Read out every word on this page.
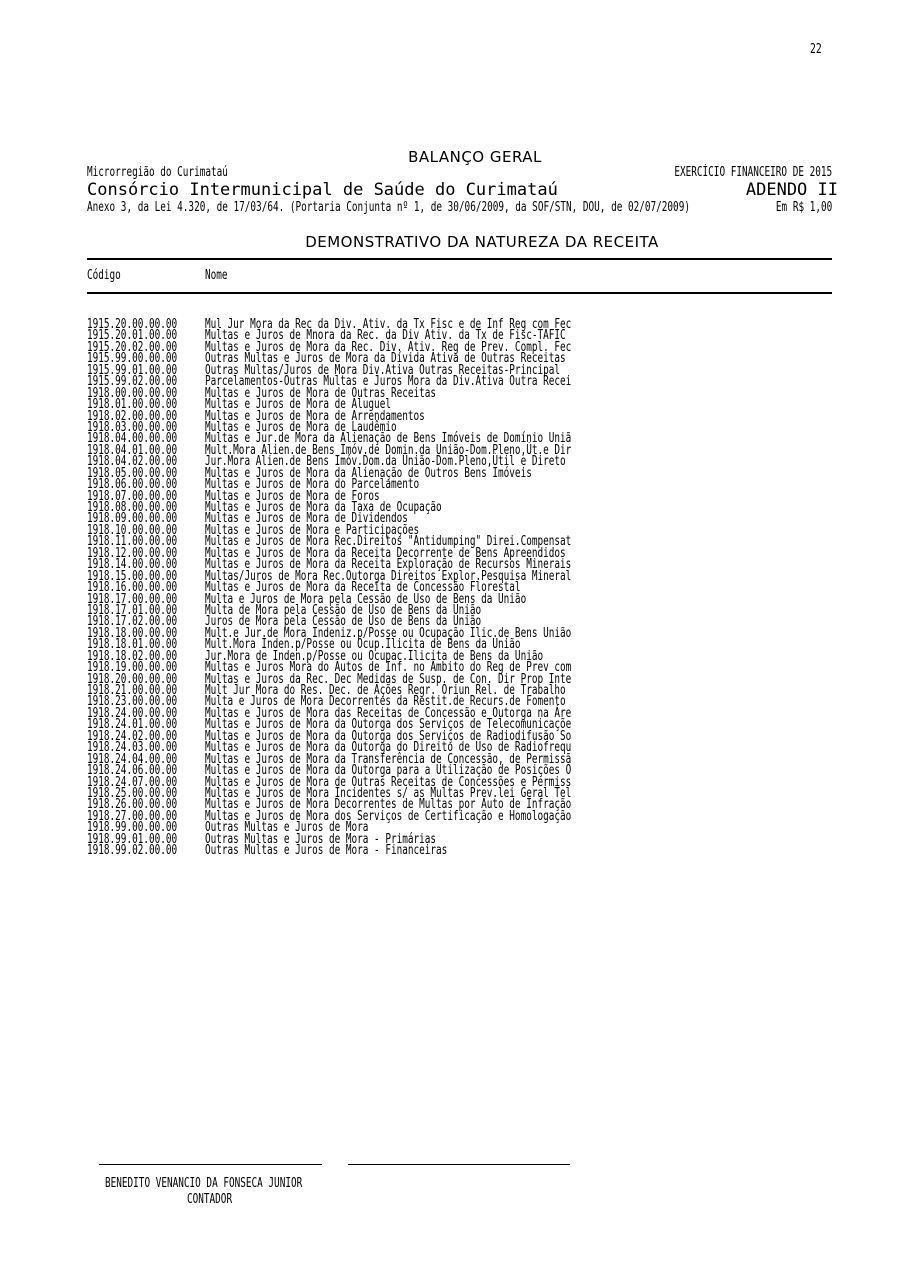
22
BALANÇO GERAL
Microrregião do Curimataú	EXERCÍCIO FINANCEIRO DE 2015
Consórcio Intermunicipal de Saúde do Curimataú	ADENDO II
Anexo 3, da Lei 4.320, de 17/03/64. (Portaria Conjunta nº 1, de 30/06/2009, da SOF/STN, DOU, de 02/07/2009)	Em R$ 1,00
DEMONSTRATIVO DA NATUREZA DA RECEITA
Código	Nome
1915.20.00.00.00 Mul Jur Mora da Rec da Div. Ativ. da Tx Fisc e de Inf Reg com Fec
1915.20.01.00.00 Multas e Juros de Mnora da Rec. da Div Ativ. da Tx de Fisc-TAFIC
1915.20.02.00.00 Multas e Juros de Mora da Rec. Div. Ativ. Reg de Prev. Compl. Fec
1915.99.00.00.00 Outras Multas e Juros de Mora da Dívida Ativa de Outras Receitas
1915.99.01.00.00 Outras Multas/Juros de Mora Div.Ativa Outras Receitas-Principal
1915.99.02.00.00 Parcelamentos-Outras Multas e Juros Mora da Div.Ativa Outra Recei
1918.00.00.00.00 Multas e Juros de Mora de Outras Receitas
1918.01.00.00.00 Multas e Juros de Mora de Aluguel
1918.02.00.00.00 Multas e Juros de Mora de Arrendamentos
1918.03.00.00.00 Multas e Juros de Mora de Laudêmio
1918.04.00.00.00 Multas e Jur.de Mora da Alienação de Bens Imóveis de Domínio Uniã
1918.04.01.00.00 Mult.Mora Alien.de Bens Imóv.de Domin.da União-Dom.Pleno,Út.e Dir
1918.04.02.00.00 Jur.Mora Alien.de Bens Imóv.Dom.da União-Dom.Pleno,Útil e Direto
1918.05.00.00.00 Multas e Juros de Mora da Alienação de Outros Bens Imóveis
1918.06.00.00.00 Multas e Juros de Mora do Parcelamento
1918.07.00.00.00 Multas e Juros de Mora de Foros
1918.08.00.00.00 Multas e Juros de Mora da Taxa de Ocupação
1918.09.00.00.00 Multas e Juros de Mora de Dividendos
1918.10.00.00.00 Multas e Juros de Mora e Participações
1918.11.00.00.00 Multas e Juros de Mora Rec.Direitos "Antidumping" Direi.Compensat
1918.12.00.00.00 Multas e Juros de Mora da Receita Decorrente de Bens Apreendidos
1918.14.00.00.00 Multas e Juros de Mora da Receita Exploração de Recursos Minerais
1918.15.00.00.00 Multas/Juros de Mora Rec.Outorga Direitos Explor.Pesquisa Mineral
1918.16.00.00.00 Multas e Juros de Mora da Receita de Concessão Florestal
1918.17.00.00.00 Multa e Juros de Mora pela Cessão de Uso de Bens da União
1918.17.01.00.00 Multa de Mora pela Cessão de Uso de Bens da União
1918.17.02.00.00 Juros de Mora pela Cessão de Uso de Bens da União
1918.18.00.00.00 Mult.e Jur.de Mora Indeniz.p/Posse ou Ocupação Ilic.de Bens União
1918.18.01.00.00 Mult.Mora Inden.p/Posse ou Ocup.Ilicita de Bens da União
1918.18.02.00.00 Jur.Mora de Inden.p/Posse ou Ocupac.Ilicita de Bens da União
1918.19.00.00.00 Multas e Juros Mora do Autos de Inf. no Âmbito do Reg de Prev com
1918.20.00.00.00 Multas e Juros da Rec. Dec Medidas de Susp. de Con. Dir Prop Inte
1918.21.00.00.00 Mult Jur Mora do Res. Dec. de Ações Regr. Oriun Rel. de Trabalho
1918.23.00.00.00 Multa e Juros de Mora Decorrentes da Restit.de Recurs.de Fomento
1918.24.00.00.00 Multas e Juros de Mora das Receitas de Concessão e Outorga na Áre
1918.24.01.00.00 Multas e Juros de Mora da Outorga dos Serviços de Telecomunicaçõe
1918.24.02.00.00 Multas e Juros de Mora da Outorga dos Serviços de Radiodifusão So
1918.24.03.00.00 Multas e Juros de Mora da Outorga do Direito de Uso de Radiofrequ
1918.24.04.00.00 Multas e Juros de Mora da Transferência de Concessão, de Permissã
1918.24.06.00.00 Multas e Juros de Mora da Outorga para a Utilização de Posições O
1918.24.07.00.00 Multas e Juros de Mora de Outras Receitas de Concessões e Permiss
1918.25.00.00.00 Multas e Juros de Mora Incidentes s/ as Multas Prev.lei Geral Tel
1918.26.00.00.00 Multas e Juros de Mora Decorrentes de Multas por Auto de Infração
1918.27.00.00.00 Multas e Juros de Mora dos Serviços de Certificação e Homologação
1918.99.00.00.00 Outras Multas e Juros de Mora
1918.99.01.00.00 Outras Multas e Juros de Mora - Primárias
1918.99.02.00.00 Outras Multas e Juros de Mora - Financeiras
BENEDITO VENANCIO DA FONSECA JUNIOR
CONTADOR
